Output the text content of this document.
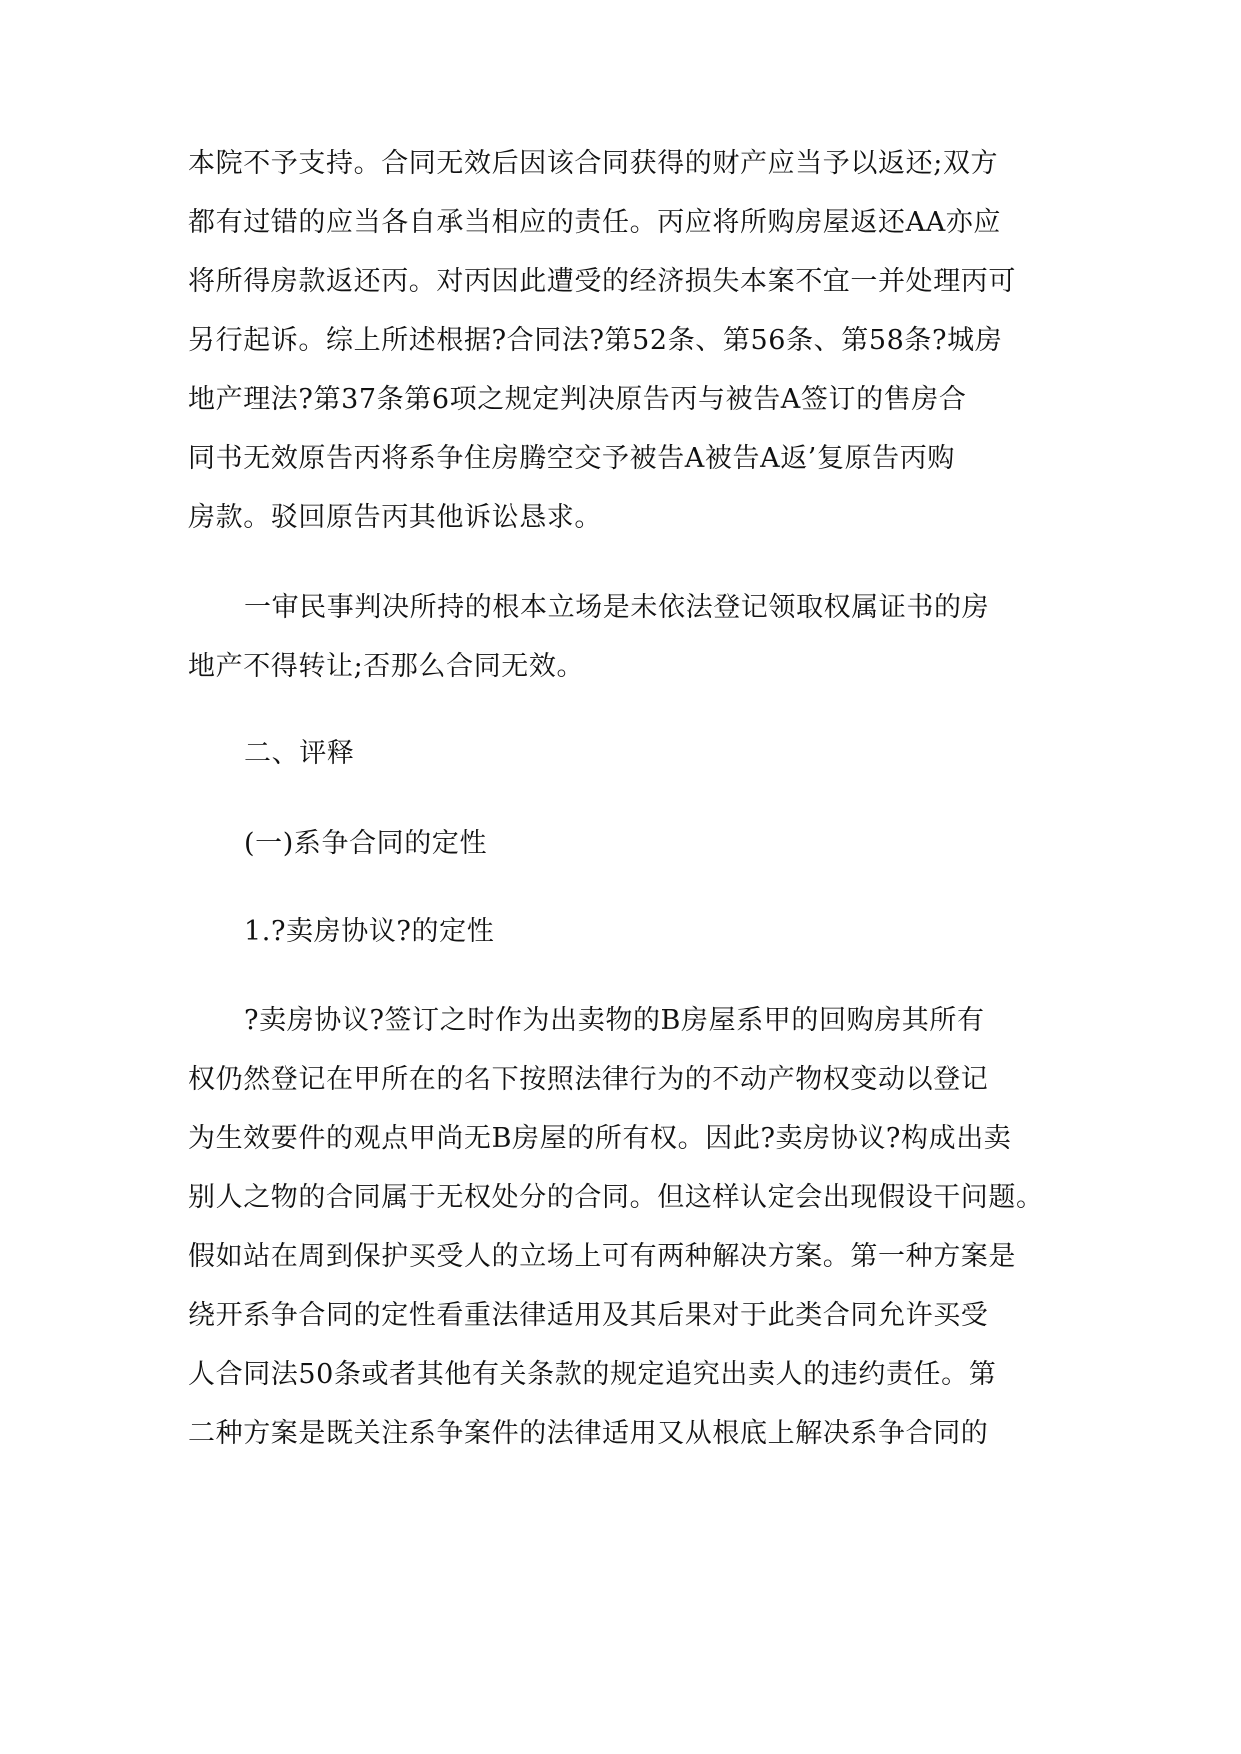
本院不予支持。合同无效后因该合同获得的财产应当予以返还;双方
都有过错的应当各自承当相应的责任。丙应将所购房屋返还AA亦应
将所得房款返还丙。对丙因此遭受的经济损失本案不宜一并处理丙可
另行起诉。综上所述根据?合同法?第52条、第56条、第58条?城房
地产理法?第37条第6项之规定判决原告丙与被告A签订的售房合
同书无效原告丙将系争住房腾空交予被告A被告A返’复原告丙购
房款。驳回原告丙其他诉讼恳求。
一审民事判决所持的根本立场是未依法登记领取权属证书的房
地产不得转让;否那么合同无效。
二、评释
(一)系争合同的定性
1.?卖房协议?的定性
?卖房协议?签订之时作为出卖物的B房屋系甲的回购房其所有
权仍然登记在甲所在的名下按照法律行为的不动产物权变动以登记
为生效要件的观点甲尚无B房屋的所有权。因此?卖房协议?构成出卖
别人之物的合同属于无权处分的合同。但这样认定会出现假设干问题。
假如站在周到保护买受人的立场上可有两种解决方案。第一种方案是
绕开系争合同的定性看重法律适用及其后果对于此类合同允许买受
人合同法50条或者其他有关条款的规定追究出卖人的违约责任。第
二种方案是既关注系争案件的法律适用又从根底上解决系争合同的
